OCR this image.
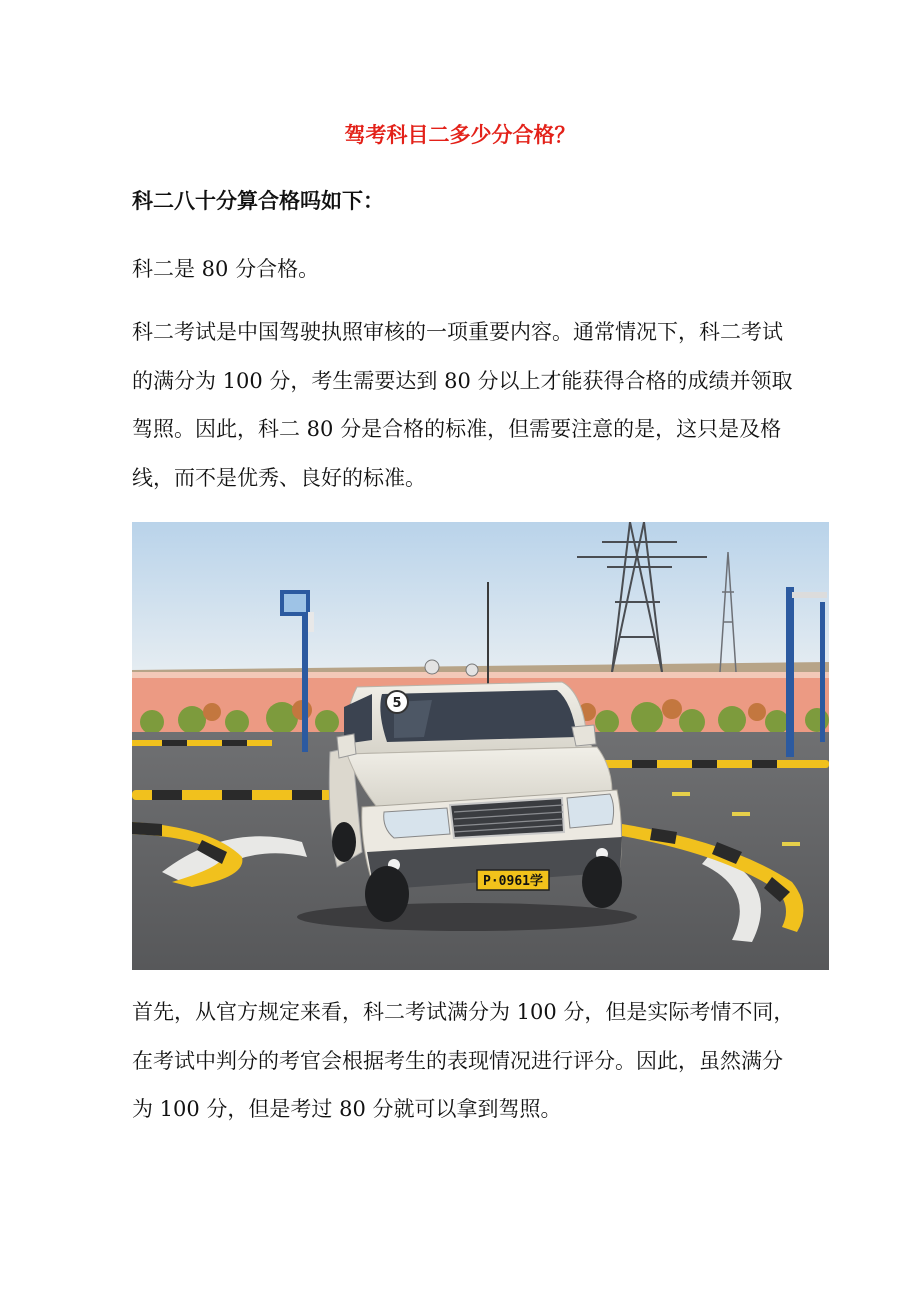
驾考科目二多少分合格？
科二八十分算合格吗如下：

科二是 80 分合格。

科二考试是中国驾驶执照审核的一项重要内容。通常情况下，科二考试的满分为 100 分，考生需要达到 80 分以上才能获得合格的成绩并领取驾照。因此，科二 80 分是合格的标准，但需要注意的是，这只是及格线，而不是优秀、良好的标准。

5
P·0961学

首先，从官方规定来看，科二考试满分为 100 分，但是实际考情不同，在考试中判分的考官会根据考生的表现情况进行评分。因此，虽然满分为 100 分，但是考过 80 分就可以拿到驾照。
